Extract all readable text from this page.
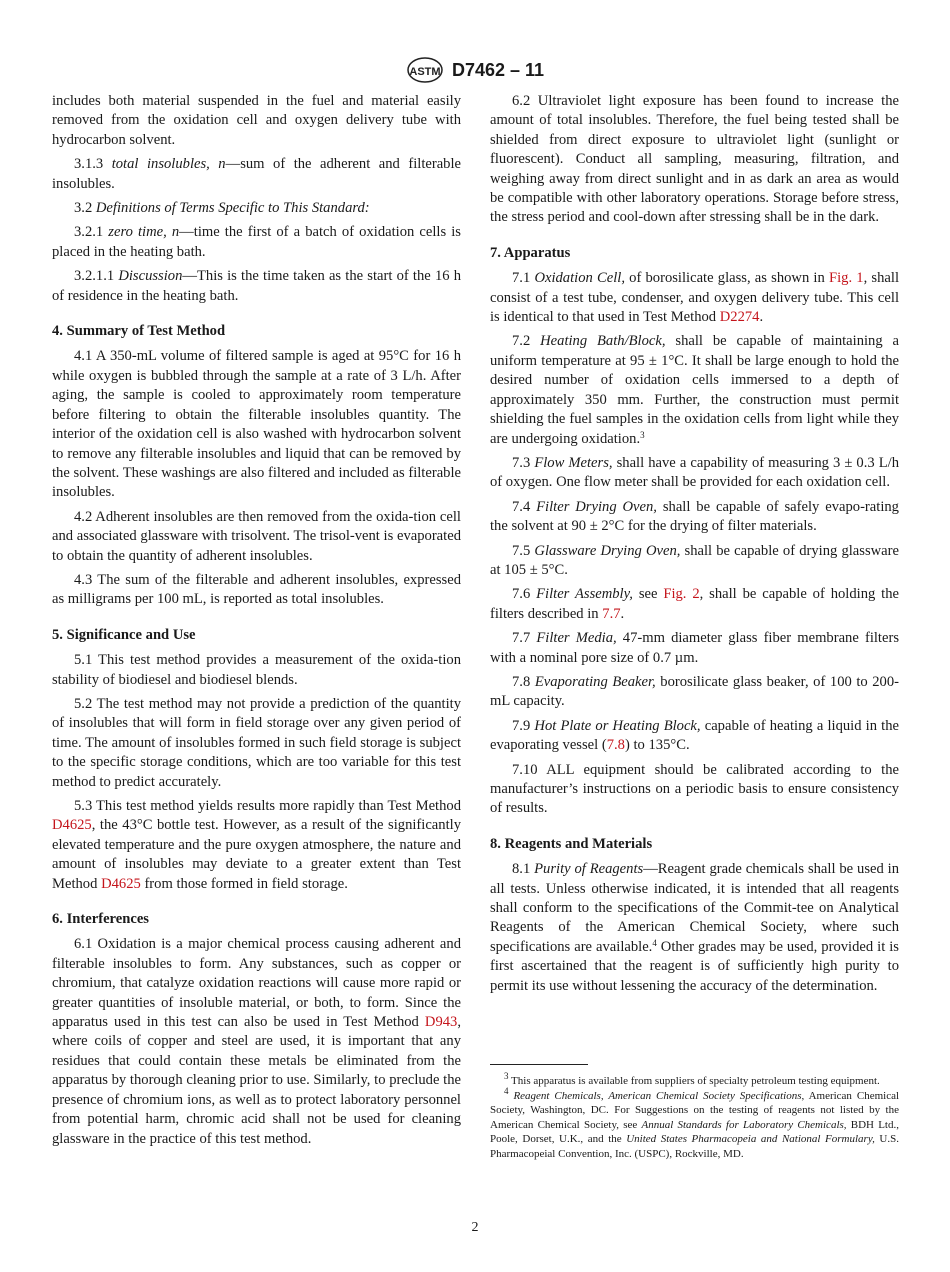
ASTM D7462 – 11

includes both material suspended in the fuel and material easily removed from the oxidation cell and oxygen delivery tube with hydrocarbon solvent.

3.1.3 total insolubles, n—sum of the adherent and filterable insolubles.

3.2 Definitions of Terms Specific to This Standard:

3.2.1 zero time, n—time the first of a batch of oxidation cells is placed in the heating bath.

3.2.1.1 Discussion—This is the time taken as the start of the 16 h of residence in the heating bath.

4. Summary of Test Method

4.1 A 350-mL volume of filtered sample is aged at 95°C for 16 h while oxygen is bubbled through the sample at a rate of 3 L/h. After aging, the sample is cooled to approximately room temperature before filtering to obtain the filterable insolubles quantity. The interior of the oxidation cell is also washed with hydrocarbon solvent to remove any filterable insolubles and liquid that can be removed by the solvent. These washings are also filtered and included as filterable insolubles.

4.2 Adherent insolubles are then removed from the oxida-tion cell and associated glassware with trisolvent. The trisol-vent is evaporated to obtain the quantity of adherent insolubles.

4.3 The sum of the filterable and adherent insolubles, expressed as milligrams per 100 mL, is reported as total insolubles.

5. Significance and Use

5.1 This test method provides a measurement of the oxida-tion stability of biodiesel and biodiesel blends.

5.2 The test method may not provide a prediction of the quantity of insolubles that will form in field storage over any given period of time. The amount of insolubles formed in such field storage is subject to the specific storage conditions, which are too variable for this test method to predict accurately.

5.3 This test method yields results more rapidly than Test Method D4625, the 43°C bottle test. However, as a result of the significantly elevated temperature and the pure oxygen atmosphere, the nature and amount of insolubles may deviate to a greater extent than Test Method D4625 from those formed in field storage.

6. Interferences

6.1 Oxidation is a major chemical process causing adherent and filterable insolubles to form. Any substances, such as copper or chromium, that catalyze oxidation reactions will cause more rapid or greater quantities of insoluble material, or both, to form. Since the apparatus used in this test can also be used in Test Method D943, where coils of copper and steel are used, it is important that any residues that could contain these metals be eliminated from the apparatus by thorough cleaning prior to use. Similarly, to preclude the presence of chromium ions, as well as to protect laboratory personnel from potential harm, chromic acid shall not be used for cleaning glassware in the practice of this test method.

6.2 Ultraviolet light exposure has been found to increase the amount of total insolubles. Therefore, the fuel being tested shall be shielded from direct exposure to ultraviolet light (sunlight or fluorescent). Conduct all sampling, measuring, filtration, and weighing away from direct sunlight and in as dark an area as would be compatible with other laboratory operations. Storage before stress, the stress period and cool-down after stressing shall be in the dark.

7. Apparatus

7.1 Oxidation Cell, of borosilicate glass, as shown in Fig. 1, shall consist of a test tube, condenser, and oxygen delivery tube. This cell is identical to that used in Test Method D2274.

7.2 Heating Bath/Block, shall be capable of maintaining a uniform temperature at 95 ± 1°C. It shall be large enough to hold the desired number of oxidation cells immersed to a depth of approximately 350 mm. Further, the construction must permit shielding the fuel samples in the oxidation cells from light while they are undergoing oxidation.$^3$

7.3 Flow Meters, shall have a capability of measuring 3 ± 0.3 L/h of oxygen. One flow meter shall be provided for each oxidation cell.

7.4 Filter Drying Oven, shall be capable of safely evapo-rating the solvent at 90 ± 2°C for the drying of filter materials.

7.5 Glassware Drying Oven, shall be capable of drying glassware at 105 ± 5°C.

7.6 Filter Assembly, see Fig. 2, shall be capable of holding the filters described in 7.7.

7.7 Filter Media, 47-mm diameter glass fiber membrane filters with a nominal pore size of 0.7 µm.

7.8 Evaporating Beaker, borosilicate glass beaker, of 100 to 200-mL capacity.

7.9 Hot Plate or Heating Block, capable of heating a liquid in the evaporating vessel (7.8) to 135°C.

7.10 ALL equipment should be calibrated according to the manufacturer’s instructions on a periodic basis to ensure consistency of results.

8. Reagents and Materials

8.1 Purity of Reagents—Reagent grade chemicals shall be used in all tests. Unless otherwise indicated, it is intended that all reagents shall conform to the specifications of the Commit-tee on Analytical Reagents of the American Chemical Society, where such specifications are available.$^4$ Other grades may be used, provided it is first ascertained that the reagent is of sufficiently high purity to permit its use without lessening the accuracy of the determination.

$^3$ This apparatus is available from suppliers of specialty petroleum testing equipment.

$^4$ Reagent Chemicals, American Chemical Society Specifications, American Chemical Society, Washington, DC. For Suggestions on the testing of reagents not listed by the American Chemical Society, see Annual Standards for Laboratory Chemicals, BDH Ltd., Poole, Dorset, U.K., and the United States Pharmacopeia and National Formulary, U.S. Pharmacopeial Convention, Inc. (USPC), Rockville, MD.

2
